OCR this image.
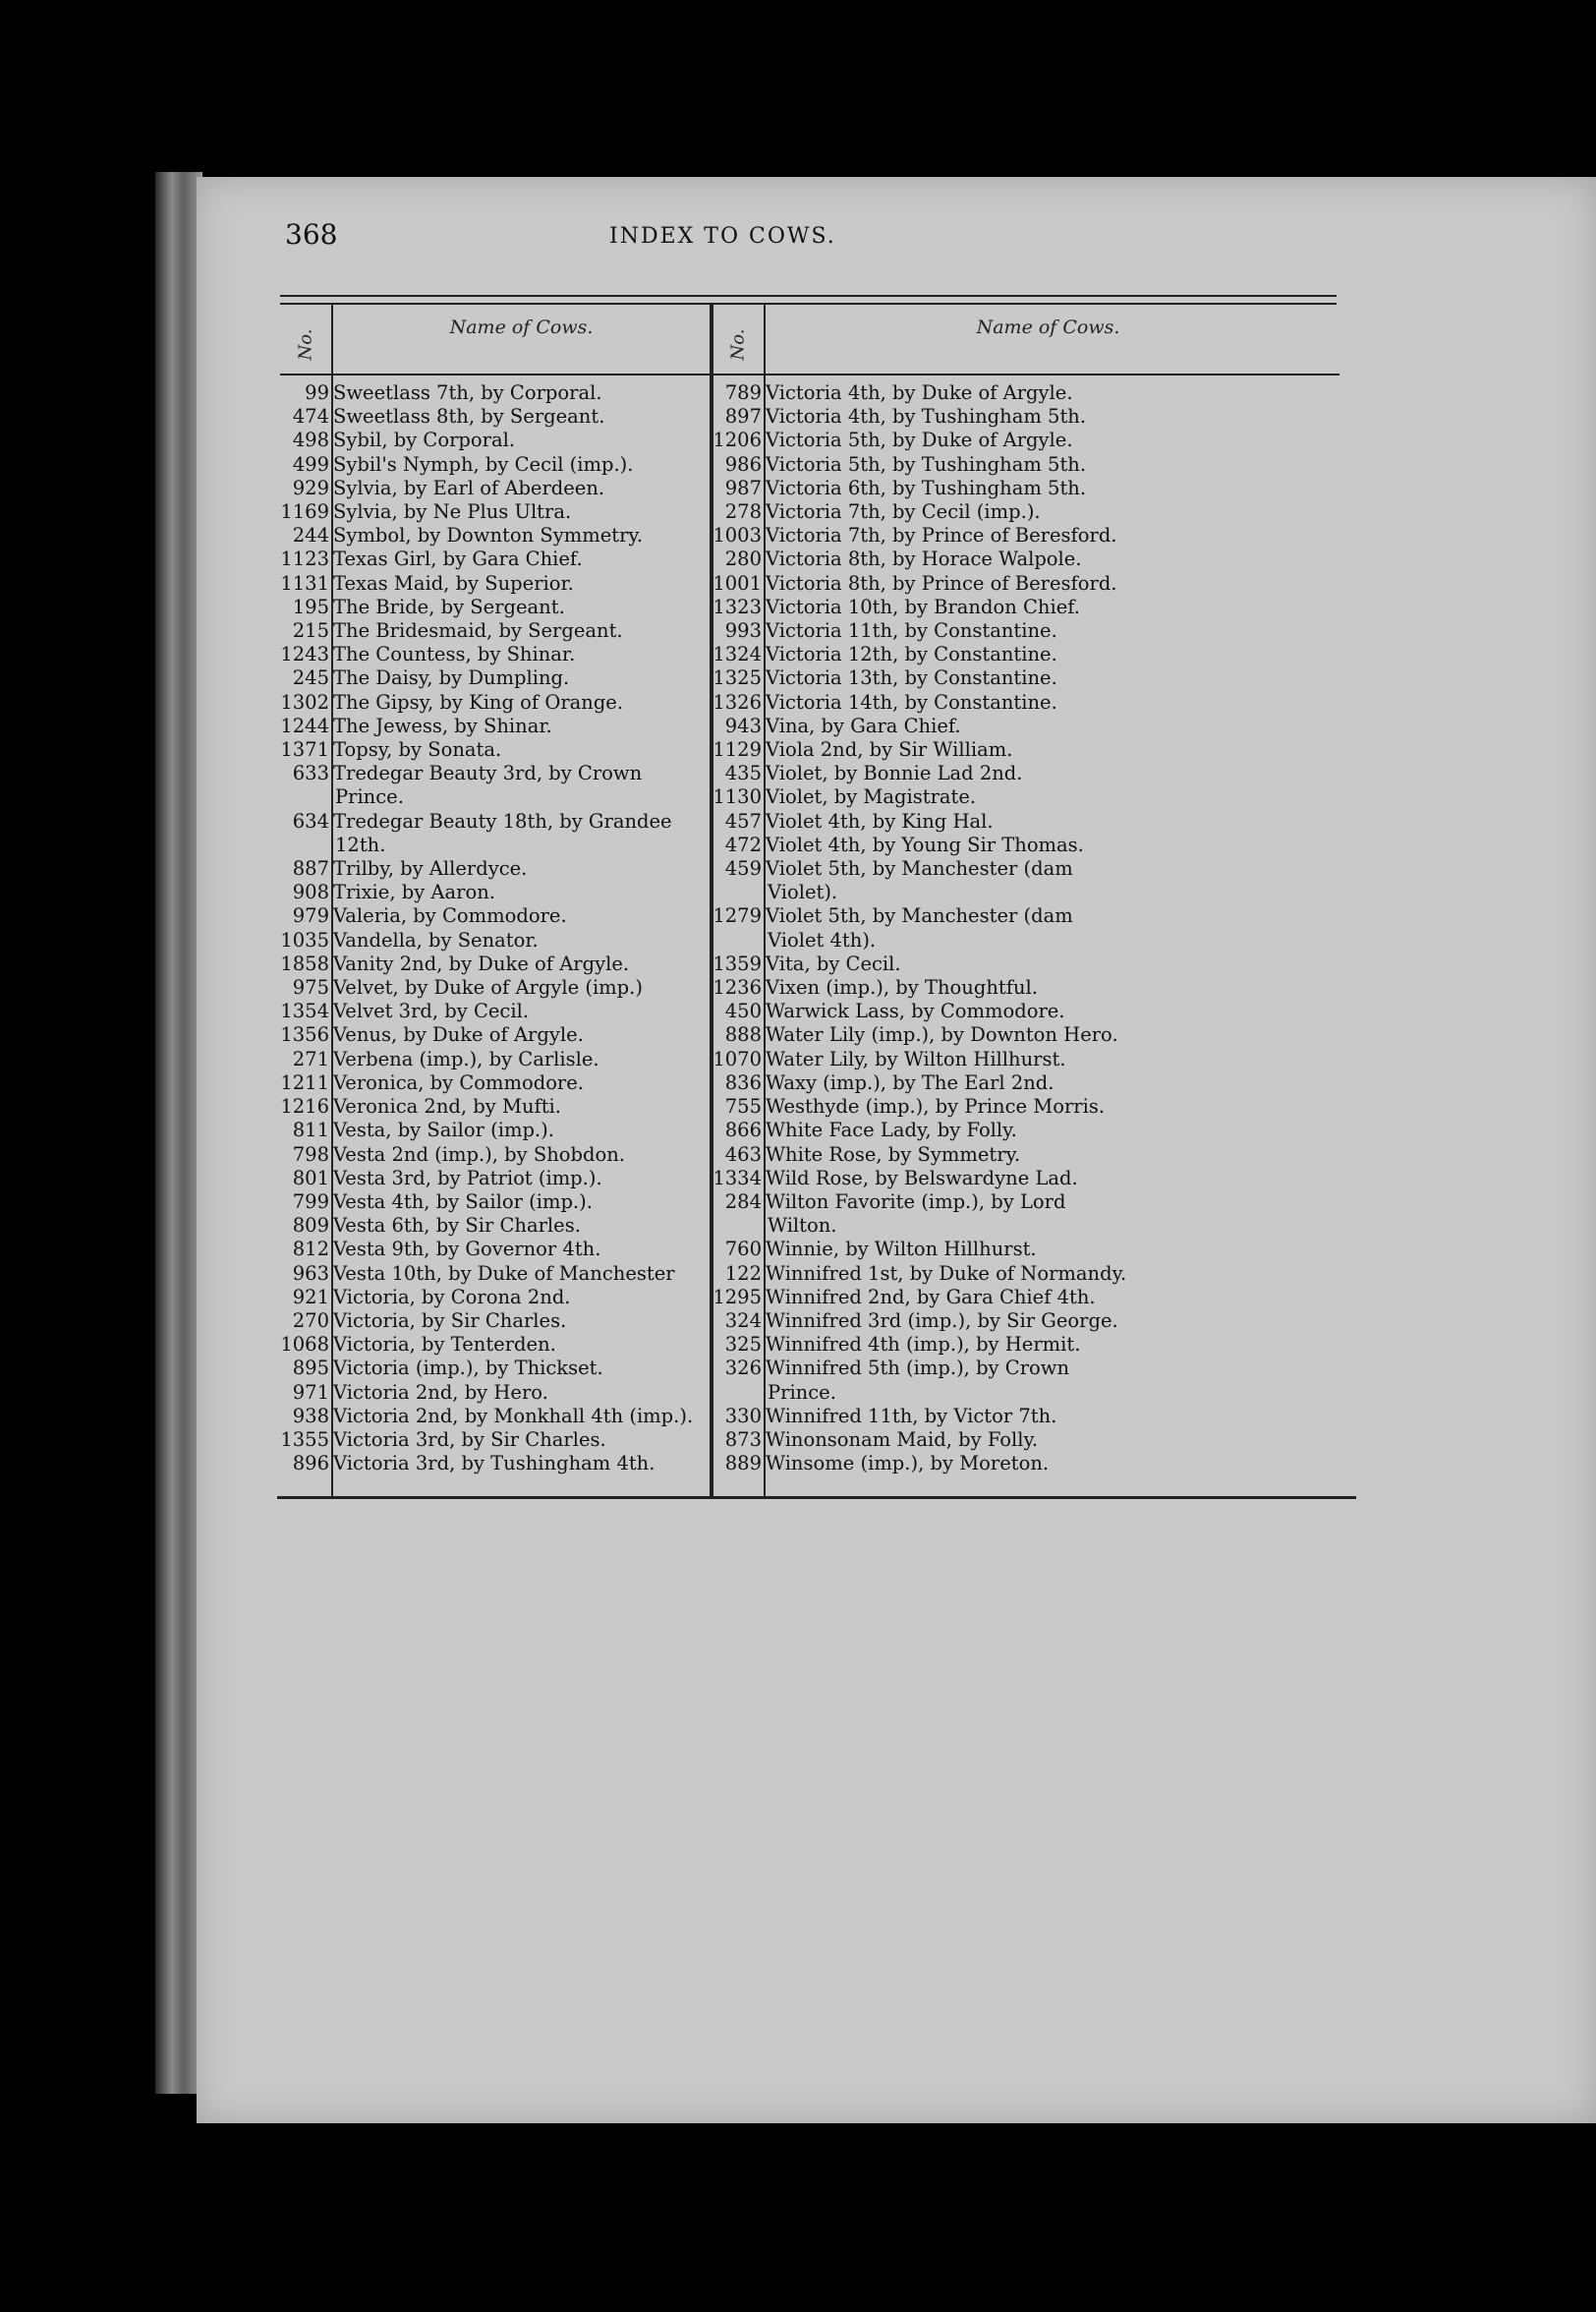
368	INDEX TO COWS.
No.
Name of Cows.
No.
Name of Cows.
99 Sweetlass 7th, by Corporal.
474 Sweetlass 8th, by Sergeant.
498 Sybil, by Corporal.
499 Sybil's Nymph, by Cecil (imp.).
929 Sylvia, by Earl of Aberdeen.
1169 Sylvia, by Ne Plus Ultra.
244 Symbol, by Downton Symmetry.
1123 Texas Girl, by Gara Chief.
1131 Texas Maid, by Superior.
195 The Bride, by Sergeant.
215 The Bridesmaid, by Sergeant.
1243 The Countess, by Shinar.
245 The Daisy, by Dumpling.
1302 The Gipsy, by King of Orange.
1244 The Jewess, by Shinar.
1371 Topsy, by Sonata.
633 Tredegar Beauty 3rd, by Crown
Prince.
634 Tredegar Beauty 18th, by Grandee
12th.
887 Trilby, by Allerdyce.
908 Trixie, by Aaron.
979 Valeria, by Commodore.
1035 Vandella, by Senator.
1858 Vanity 2nd, by Duke of Argyle.
975 Velvet, by Duke of Argyle (imp.)
1354 Velvet 3rd, by Cecil.
1356 Venus, by Duke of Argyle.
271 Verbena (imp.), by Carlisle.
1211 Veronica, by Commodore.
1216 Veronica 2nd, by Mufti.
811 Vesta, by Sailor (imp.).
798 Vesta 2nd (imp.), by Shobdon.
801 Vesta 3rd, by Patriot (imp.).
799 Vesta 4th, by Sailor (imp.).
809 Vesta 6th, by Sir Charles.
812 Vesta 9th, by Governor 4th.
963 Vesta 10th, by Duke of Manchester
921 Victoria, by Corona 2nd.
270 Victoria, by Sir Charles.
1068 Victoria, by Tenterden.
895 Victoria (imp.), by Thickset.
971 Victoria 2nd, by Hero.
938 Victoria 2nd, by Monkhall 4th (imp.).
1355 Victoria 3rd, by Sir Charles.
896 Victoria 3rd, by Tushingham 4th.
789 Victoria 4th, by Duke of Argyle.
897 Victoria 4th, by Tushingham 5th.
1206 Victoria 5th, by Duke of Argyle.
986 Victoria 5th, by Tushingham 5th.
987 Victoria 6th, by Tushingham 5th.
278 Victoria 7th, by Cecil (imp.).
1003 Victoria 7th, by Prince of Beresford.
280 Victoria 8th, by Horace Walpole.
1001 Victoria 8th, by Prince of Beresford.
1323 Victoria 10th, by Brandon Chief.
993 Victoria 11th, by Constantine.
1324 Victoria 12th, by Constantine.
1325 Victoria 13th, by Constantine.
1326 Victoria 14th, by Constantine.
943 Vina, by Gara Chief.
1129 Viola 2nd, by Sir William.
435 Violet, by Bonnie Lad 2nd.
1130 Violet, by Magistrate.
457 Violet 4th, by King Hal.
472 Violet 4th, by Young Sir Thomas.
459 Violet 5th, by Manchester (dam
Violet).
1279 Violet 5th, by Manchester (dam
Violet 4th).
1359 Vita, by Cecil.
1236 Vixen (imp.), by Thoughtful.
450 Warwick Lass, by Commodore.
888 Water Lily (imp.), by Downton Hero.
1070 Water Lily, by Wilton Hillhurst.
836 Waxy (imp.), by The Earl 2nd.
755 Westhyde (imp.), by Prince Morris.
866 White Face Lady, by Folly.
463 White Rose, by Symmetry.
1334 Wild Rose, by Belswardyne Lad.
284 Wilton Favorite (imp.), by Lord
Wilton.
760 Winnie, by Wilton Hillhurst.
122 Winnifred 1st, by Duke of Normandy.
1295 Winnifred 2nd, by Gara Chief 4th.
324 Winnifred 3rd (imp.), by Sir George.
325 Winnifred 4th (imp.), by Hermit.
326 Winnifred 5th (imp.), by Crown
Prince.
330 Winnifred 11th, by Victor 7th.
873 Winonsonam Maid, by Folly.
889 Winsome (imp.), by Moreton.
